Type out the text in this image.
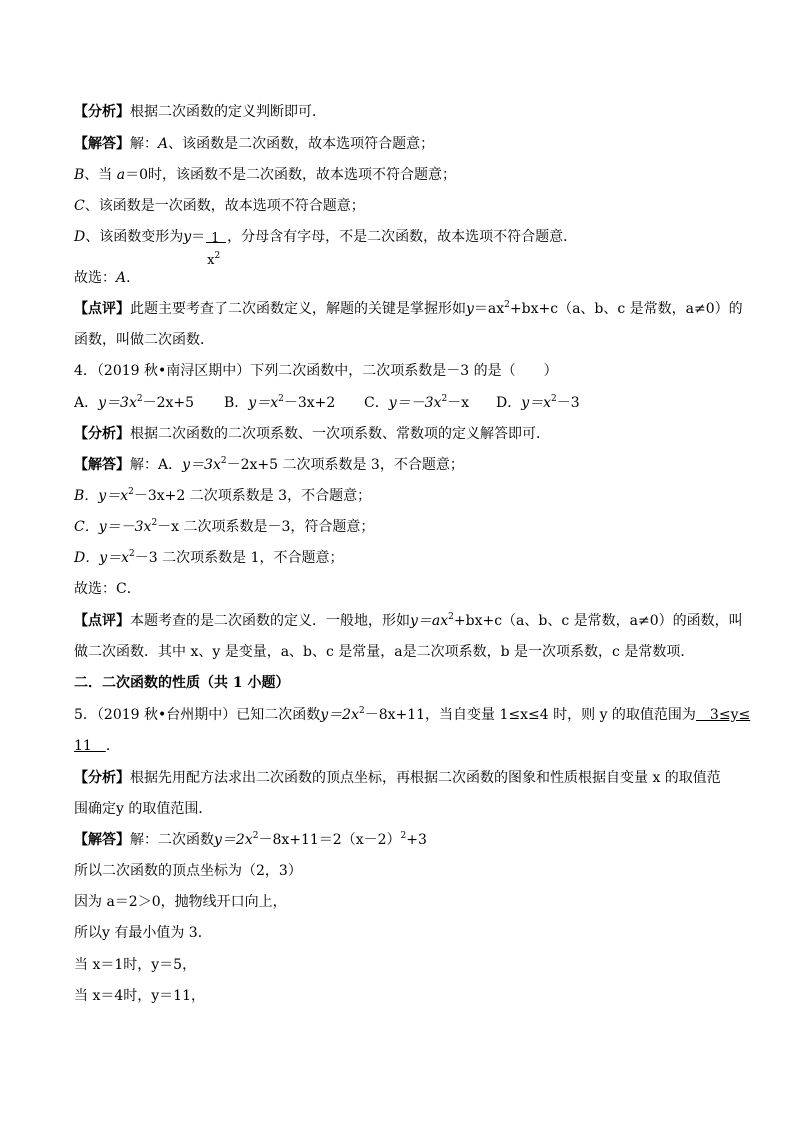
【分析】根据二次函数的定义判断即可．
【解答】解：A、该函数是二次函数，故本选项符合题意；
B、当 a＝0时，该函数不是二次函数，故本选项不符合题意；
C、该函数是一次函数，故本选项不符合题意；
D、该函数变形为y＝
$\frac{1}{x^2}$
，分母含有字母，不是二次函数，故本选项不符合题意．
故选：A．
【点评】此题主要考查了二次函数定义，解题的关键是掌握形如$y=ax^2+bx+c(a$、b、c 是常数，a≠0）的
函数，叫做二次函数．
4．（2019 秋•南浔区期中）下列二次函数中，二次项系数是－3 的是（　　）
A．$y=3x^2-2x+5$ B．$y=x^2-3x+2$ C．$y=-3x^2-x$ D．$y=x^2-3$
【分析】根据二次函数的二次项系数、一次项系数、常数项的定义解答即可．
【解答】解：A．$y=3x^2-2x+5$ 二次项系数是 3，不合题意；
B．$y=x^2-3x+2$ 二次项系数是 3，不合题意；
C．$y=-3x^2-x$ 二次项系数是－3，符合题意；
D．$y=x^2-3$ 二次项系数是 1，不合题意；
故选：C．
【点评】本题考查的是二次函数的定义．一般地，形如$y=ax^2+bx+c(a$、b、c 是常数，a≠0）的函数，叫
做二次函数．其中 x、y 是变量，a、b、c 是常量，a是二次项系数，b 是一次项系数，c 是常数项．
二．二次函数的性质（共 1 小题）
5．（2019 秋•台州期中）已知二次函数$y=2x^2-8x+11$，当自变量 1≤x≤4 时，则 y 的取值范围为　3≤y≤
11　．
【分析】根据先用配方法求出二次函数的顶点坐标，再根据二次函数的图象和性质根据自变量 x 的取值范
围确定y 的取值范围．
【解答】解：二次函数$y=2x^2-8x+11=2(x-2)^2+3$
所以二次函数的顶点坐标为（2，3）
因为 a＝2＞0，抛物线开口向上，
所以y 有最小值为 3．
当 x＝1时，y＝5，
当 x＝4时，y＝11，
